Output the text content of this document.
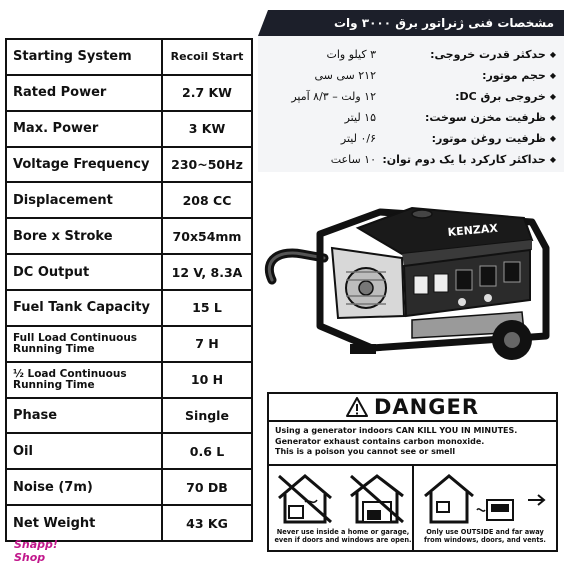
Starting System	Recoil Start
Rated Power	2.7 KW
Max. Power	3 KW
Voltage Frequency	230~50Hz
Displacement	208 CC
Bore x Stroke	70x54mm
DC Output	12 V, 8.3A
Fuel Tank Capacity	15 L
Full Load Continuous
Running Time	7 H
½ Load Continuous
Running Time	10 H
Phase	Single
Oil	0.6 L
Noise (7m)	70 DB
Net Weight	43 KG
مشخصات فنی ژنراتور برق ۳۰۰۰ وات
◆
حدکثر قدرت خروجی:
۳ کیلو وات
◆
حجم موتور:
۲۱۲ سی سی
◆
خروجی برق DC:
۱۲ ولت – ۸/۳ آمپر
◆
ظرفیت مخزن سوخت:
۱۵ لیتر
◆
ظرفیت روغن موتور:
۰/۶ لیتر
◆
حداکثر کارکرد با یک دوم توان:
۱۰ ساعت
KENZAX
DANGER
Using a generator indoors CAN KILL YOU IN MINUTES.
Generator exhaust contains carbon monoxide.
This is a poison you cannot see or smell
Never use inside a home or garage,
even if doors and windows are open.
Only use OUTSIDE and far away
from windows, doors, and vents.
Snapp!
Shop
